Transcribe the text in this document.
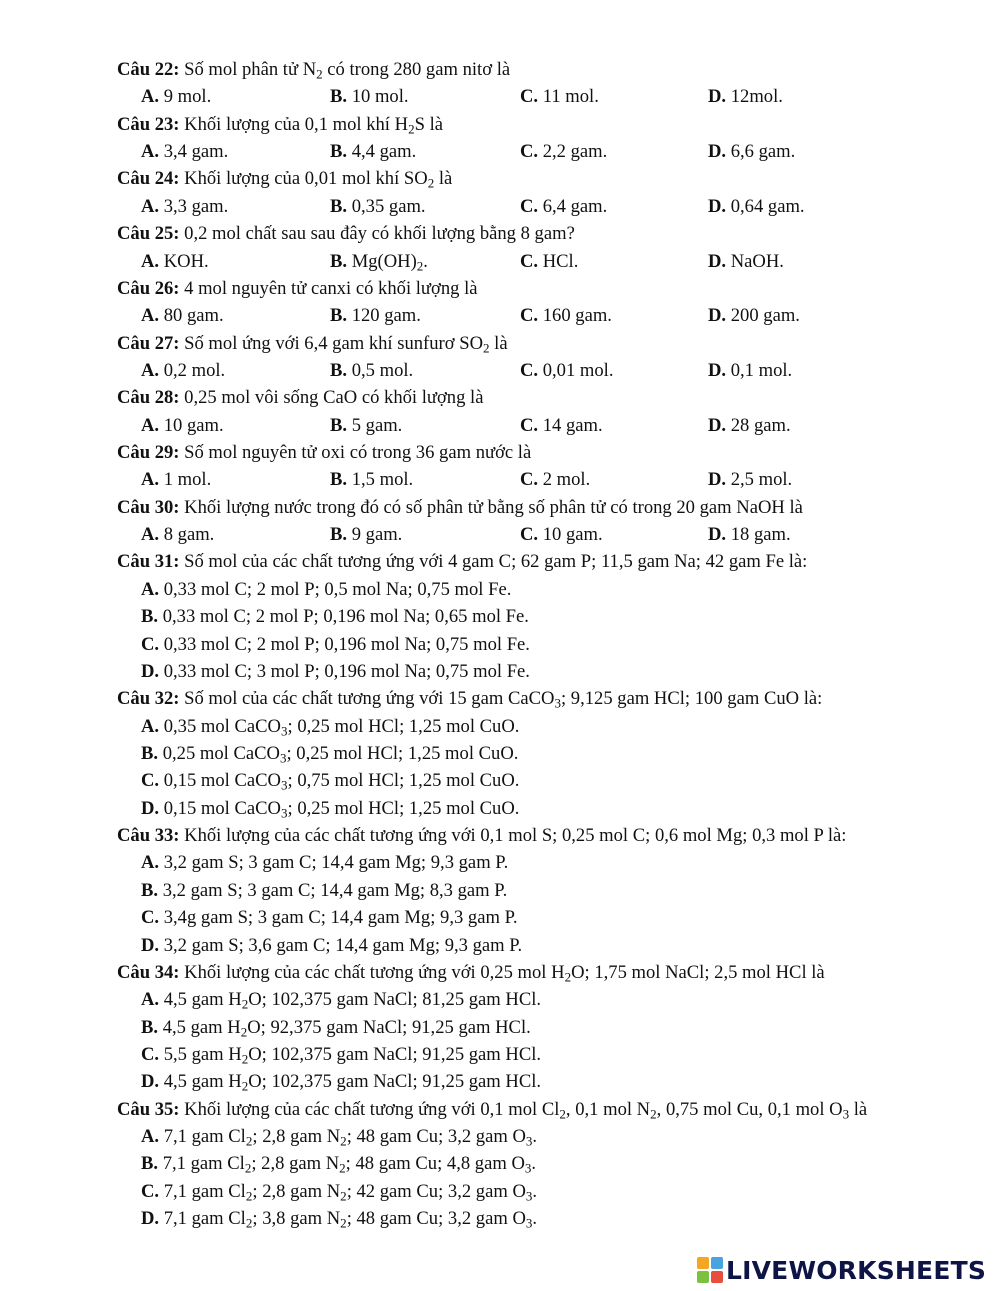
Câu 22: Số mol phân tử $N_2$ có trong 280 gam nitơ là
A. 9 mol.	B. 10 mol.	C. 11 mol.	D. 12mol.
Câu 23: Khối lượng của 0,1 mol khí $H_2S$ là
A. 3,4 gam.	B. 4,4 gam.	C. 2,2 gam.	D. 6,6 gam.
Câu 24: Khối lượng của 0,01 mol khí $SO_2$ là
A. 3,3 gam.	B. 0,35 gam.	C. 6,4 gam.	D. 0,64 gam.
Câu 25: 0,2 mol chất sau sau đây có khối lượng bằng 8 gam?
A. KOH.	B. $Mg(OH)_2$.	C. HCl.	D. NaOH.
Câu 26: 4 mol nguyên tử canxi có khối lượng là
A. 80 gam.	B. 120 gam.	C. 160 gam.	D. 200 gam.
Câu 27: Số mol ứng với 6,4 gam khí sunfurơ $SO_2$ là
A. 0,2 mol.	B. 0,5 mol.	C. 0,01 mol.	D. 0,1 mol.
Câu 28: 0,25 mol vôi sống CaO có khối lượng là
A. 10 gam.	B. 5 gam.	C. 14 gam.	D. 28 gam.
Câu 29: Số mol nguyên tử oxi có trong 36 gam nước là
A. 1 mol.	B. 1,5 mol.	C. 2 mol.	D. 2,5 mol.
Câu 30: Khối lượng nước trong đó có số phân tử bằng số phân tử có trong 20 gam NaOH là
A. 8 gam.	B. 9 gam.	C. 10 gam.	D. 18 gam.
Câu 31: Số mol của các chất tương ứng với 4 gam C; 62 gam P; 11,5 gam Na; 42 gam Fe là:
A. 0,33 mol C; 2 mol P; 0,5 mol Na; 0,75 mol Fe.
B. 0,33 mol C; 2 mol P; 0,196 mol Na; 0,65 mol Fe.
C. 0,33 mol C; 2 mol P; 0,196 mol Na; 0,75 mol Fe.
D. 0,33 mol C; 3 mol P; 0,196 mol Na; 0,75 mol Fe.
Câu 32: Số mol của các chất tương ứng với 15 gam CaCO$_3$; 9,125 gam HCl; 100 gam CuO là:
A. 0,35 mol CaCO$_3$; 0,25 mol HCl; 1,25 mol CuO.
B. 0,25 mol CaCO$_3$; 0,25 mol HCl; 1,25 mol CuO.
C. 0,15 mol CaCO$_3$; 0,75 mol HCl; 1,25 mol CuO.
D. 0,15 mol CaCO$_3$; 0,25 mol HCl; 1,25 mol CuO.
Câu 33: Khối lượng của các chất tương ứng với 0,1 mol S; 0,25 mol C; 0,6 mol Mg; 0,3 mol P là:
A. 3,2 gam S; 3 gam C; 14,4 gam Mg; 9,3 gam P.
B. 3,2 gam S; 3 gam C; 14,4 gam Mg; 8,3 gam P.
C. 3,4g gam S; 3 gam C; 14,4 gam Mg; 9,3 gam P.
D. 3,2 gam S; 3,6 gam C; 14,4 gam Mg; 9,3 gam P.
Câu 34: Khối lượng của các chất tương ứng với 0,25 mol $H_2O$; 1,75 mol NaCl; 2,5 mol HCl là
A. 4,5 gam $H_2O$; 102,375 gam NaCl; 81,25 gam HCl.
B. 4,5 gam $H_2O$; 92,375 gam NaCl; 91,25 gam HCl.
C. 5,5 gam $H_2O$; 102,375 gam NaCl; 91,25 gam HCl.
D. 4,5 gam $H_2O$; 102,375 gam NaCl; 91,25 gam HCl.
Câu 35: Khối lượng của các chất tương ứng với 0,1 mol $Cl_2$, 0,1 mol $N_2$, 0,75 mol Cu, 0,1 mol $O_3$ là
A. 7,1 gam $Cl_2$; 2,8 gam $N_2$; 48 gam Cu; 3,2 gam $O_3$.
B. 7,1 gam $Cl_2$; 2,8 gam $N_2$; 48 gam Cu; 4,8 gam $O_3$.
C. 7,1 gam $Cl_2$; 2,8 gam $N_2$; 42 gam Cu; 3,2 gam $O_3$.
D. 7,1 gam $Cl_2$; 3,8 gam $N_2$; 48 gam Cu; 3,2 gam $O_3$.
LIVEWORKSHEETS
